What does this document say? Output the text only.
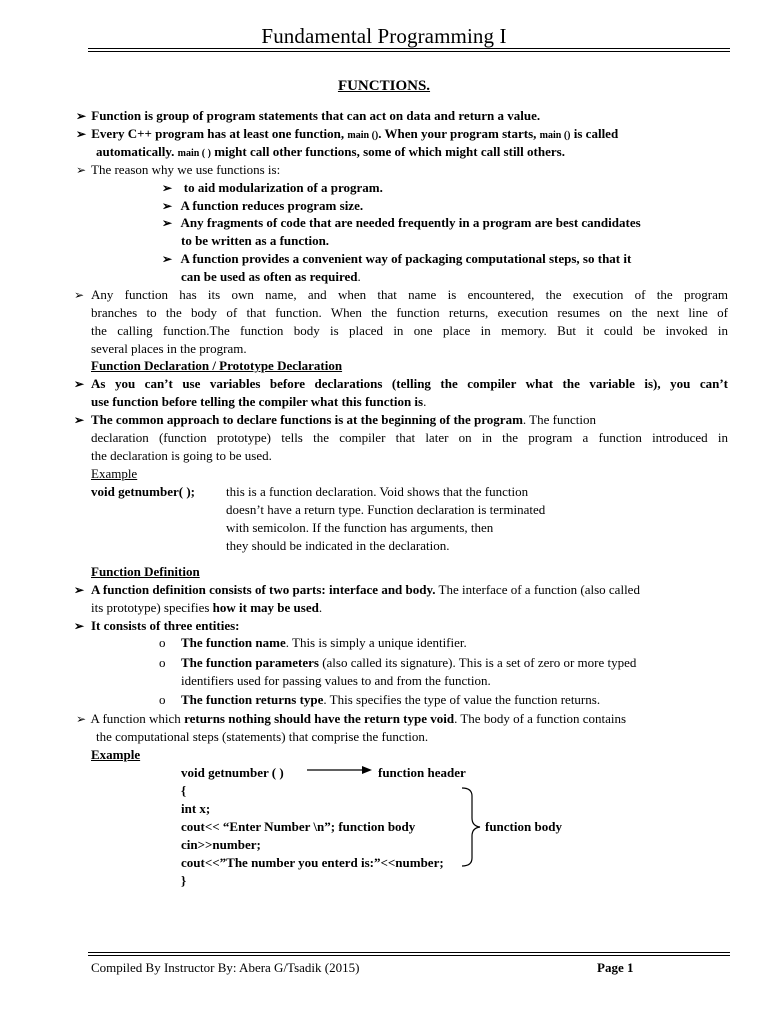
Fundamental Programming I
FUNCTIONS.
➢ Function is group of program statements that can act on data and return a value.
➢ Every C++ program has at least one function, main (). When your program starts, main () is called
automatically. main ( ) might call other functions, some of which might call still others.
➢ The reason why we use functions is:
➢ to aid modularization of a program.
➢ A function reduces program size.
➢ Any fragments of code that are needed frequently in a program are best candidates
to be written as a function.
➢ A function provides a convenient way of packaging computational steps, so that it
can be used as often as required.
➢ Any function has its own name, and when that name is encountered, the execution of the program
branches to the body of that function. When the function returns, execution resumes on the next line of
the calling function.The function body is placed in one place in memory. But it could be invoked in
several places in the program.
Function Declaration / Prototype Declaration
➢ As you can’t use variables before declarations (telling the compiler what the variable is), you can’t
use function before telling the compiler what this function is.
➢ The common approach to declare functions is at the beginning of the program. The function
declaration (function prototype) tells the compiler that later on in the program a function introduced in
the declaration is going to be used.
Example
void getnumber( ); this is a function declaration. Void shows that the function
doesn’t have a return type. Function declaration is terminated
with semicolon. If the function has arguments, then
they should be indicated in the declaration.
Function Definition
➢ A function definition consists of two parts: interface and body. The interface of a function (also called
its prototype) specifies how it may be used.
➢ It consists of three entities:
o The function name. This is simply a unique identifier.
o The function parameters (also called its signature). This is a set of zero or more typed
identifiers used for passing values to and from the function.
o The function returns type. This specifies the type of value the function returns.
➢ A function which returns nothing should have the return type void. The body of a function contains
the computational steps (statements) that comprise the function.
Example
void getnumber ( )	function header
{
int x;
cout<< “Enter Number \n”; function body	function body
cin>>number;
cout<<”The number you enterd is:”<<number;
}
Compiled By Instructor By: Abera G/Tsadik (2015)	Page 1
